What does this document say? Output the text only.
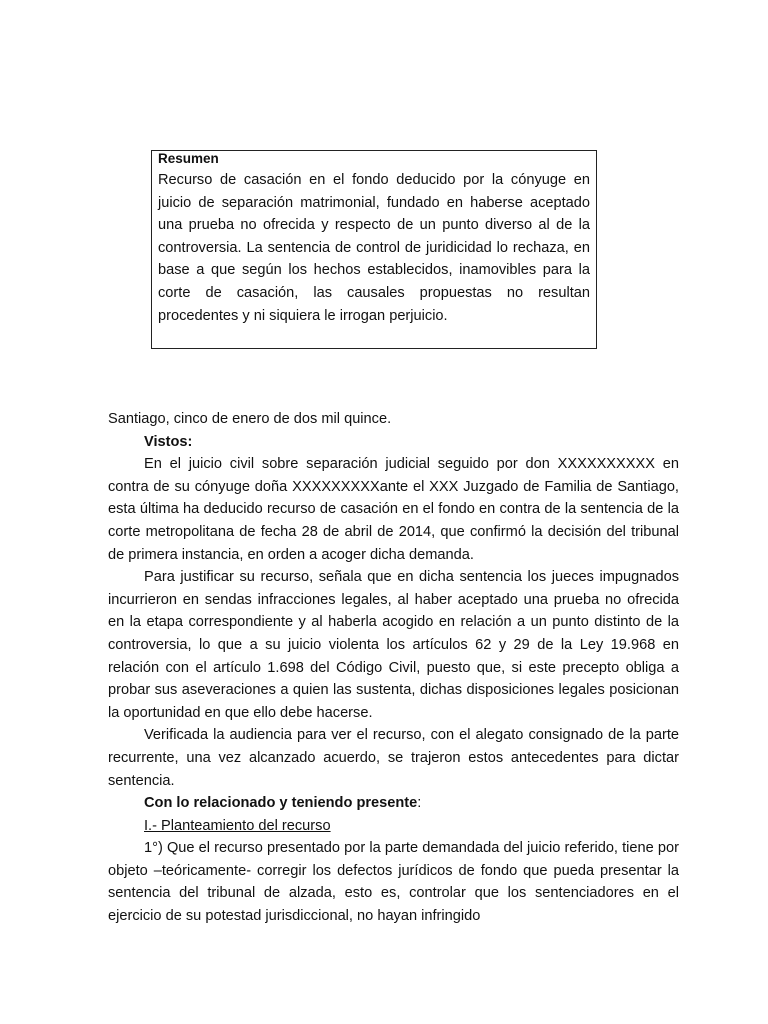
Resumen

Recurso de casación en el fondo deducido por la cónyuge en juicio de separación matrimonial, fundado en haberse aceptado una prueba no ofrecida y respecto de un punto diverso al de la controversia. La sentencia de control de juridicidad lo rechaza, en base a que según los hechos establecidos, inamovibles para la corte de casación, las causales propuestas no resultan procedentes y ni siquiera le irrogan perjuicio.

Santiago, cinco de enero de dos mil quince.

Vistos:

En el juicio civil sobre separación judicial seguido por don XXXXXXXXXX en contra de su cónyuge doña XXXXXXXXXante el XXX Juzgado de Familia de Santiago, esta última ha deducido recurso de casación en el fondo en contra de la sentencia de la corte metropolitana de fecha 28 de abril de 2014, que confirmó la decisión del tribunal de primera instancia, en orden a acoger dicha demanda.

Para justificar su recurso, señala que en dicha sentencia los jueces impugnados incurrieron en sendas infracciones legales, al haber aceptado una prueba no ofrecida en la etapa correspondiente y al haberla acogido en relación a un punto distinto de la controversia, lo que a su juicio violenta los artículos 62 y 29 de la Ley 19.968 en relación con el artículo 1.698 del Código Civil, puesto que, si este precepto obliga a probar sus aseveraciones a quien las sustenta, dichas disposiciones legales posicionan la oportunidad en que ello debe hacerse.

Verificada la audiencia para ver el recurso, con el alegato consignado de la parte recurrente, una vez alcanzado acuerdo, se trajeron estos antecedentes para dictar sentencia.

Con lo relacionado y teniendo presente:

I.- Planteamiento del recurso

1°) Que el recurso presentado por la parte demandada del juicio referido, tiene por objeto –teóricamente- corregir los defectos jurídicos de fondo que pueda presentar la sentencia del tribunal de alzada, esto es, controlar que los sentenciadores en el ejercicio de su potestad jurisdiccional, no hayan infringido
